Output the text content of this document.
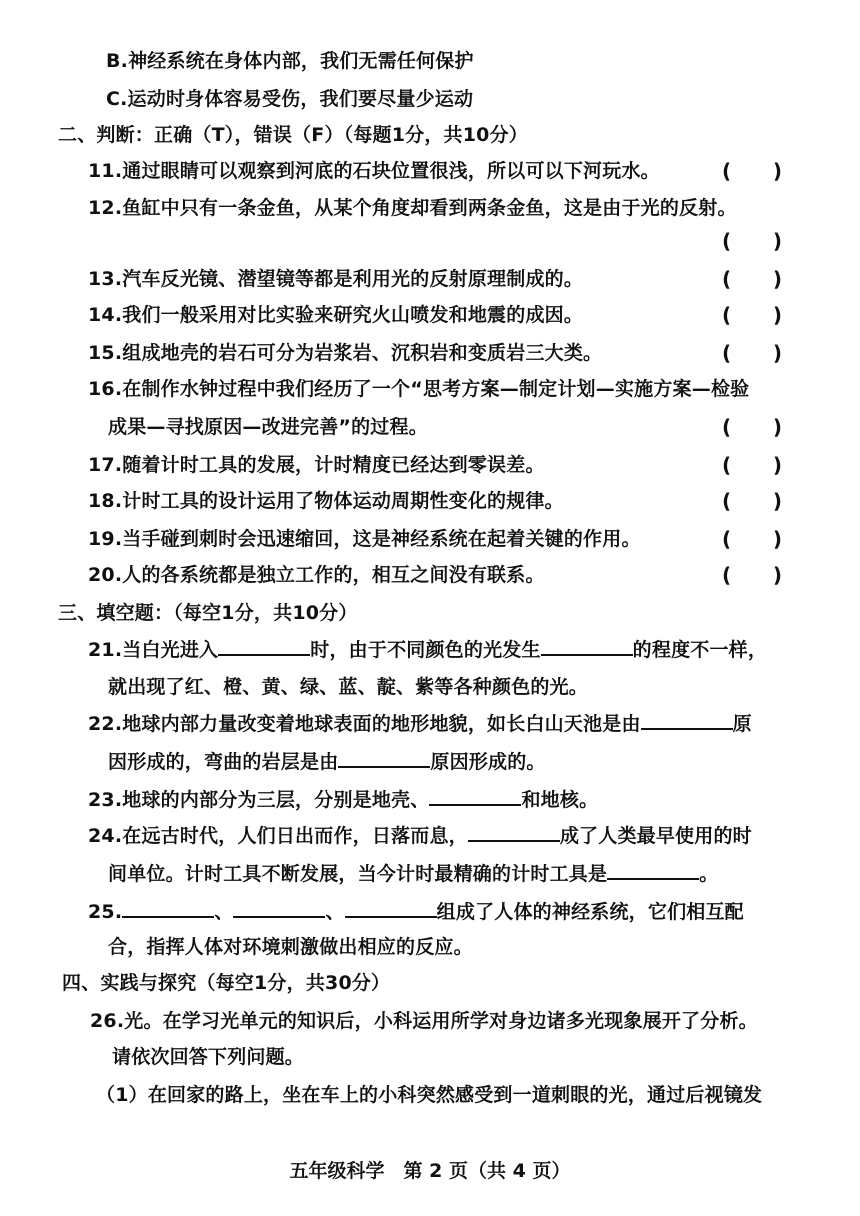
B.神经系统在身体内部，我们无需任何保护
C.运动时身体容易受伤，我们要尽量少运动
二、判断：正确（T），错误（F）（每题1分，共10分）
11.通过眼睛可以观察到河底的石块位置很浅，所以可以下河玩水。	(      )
12.鱼缸中只有一条金鱼，从某个角度却看到两条金鱼，这是由于光的反射。
(      )
13.汽车反光镜、潜望镜等都是利用光的反射原理制成的。	(      )
14.我们一般采用对比实验来研究火山喷发和地震的成因。	(      )
15.组成地壳的岩石可分为岩浆岩、沉积岩和变质岩三大类。	(      )
16.在制作水钟过程中我们经历了一个“思考方案—制定计划—实施方案—检验
成果—寻找原因—改进完善”的过程。	(      )
17.随着计时工具的发展，计时精度已经达到零误差。	(      )
18.计时工具的设计运用了物体运动周期性变化的规律。	(      )
19.当手碰到刺时会迅速缩回，这是神经系统在起着关键的作用。	(      )
20.人的各系统都是独立工作的，相互之间没有联系。	(      )
三、填空题：（每空1分，共10分）
21.当白光进入	时，由于不同颜色的光发生	的程度不一样，
就出现了红、橙、黄、绿、蓝、靛、紫等各种颜色的光。
22.地球内部力量改变着地球表面的地形地貌，如长白山天池是由	原
因形成的，弯曲的岩层是由	原因形成的。
23.地球的内部分为三层，分别是地壳、	和地核。
24.在远古时代，人们日出而作，日落而息，	成了人类最早使用的时
间单位。计时工具不断发展，当今计时最精确的计时工具是	。
25.	、	、	组成了人体的神经系统，它们相互配
合，指挥人体对环境刺激做出相应的反应。
四、实践与探究（每空1分，共30分）
26.光。在学习光单元的知识后，小科运用所学对身边诸多光现象展开了分析。
请依次回答下列问题。
（1）在回家的路上，坐在车上的小科突然感受到一道刺眼的光，通过后视镜发
五年级科学　第 2 页（共 4 页）
